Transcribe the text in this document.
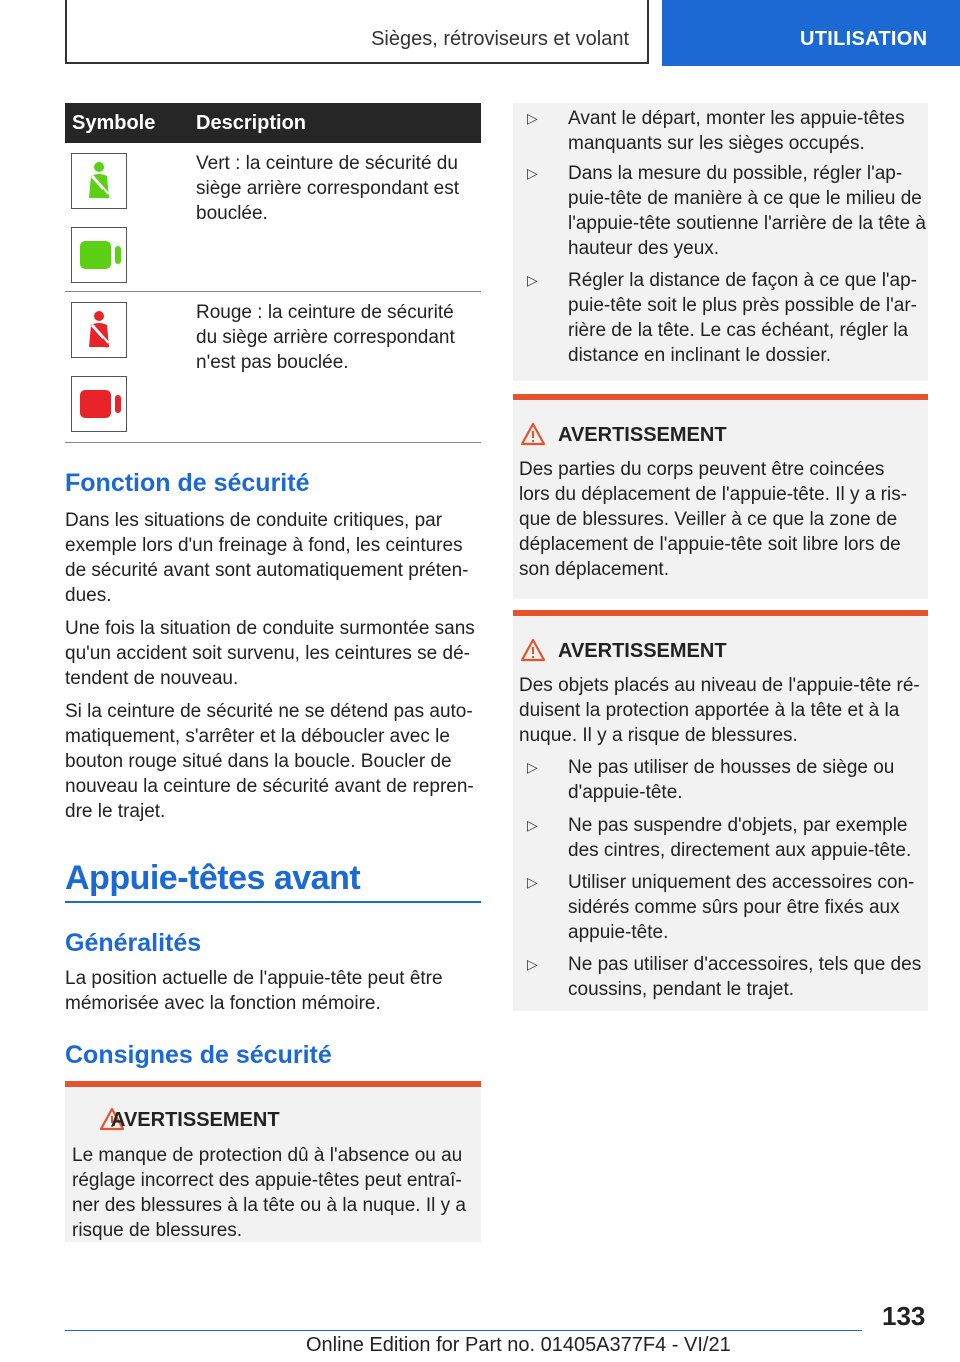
Sièges, rétroviseurs et volant	UTILISATION
Symbole Description
Vert : la ceinture de sécurité du
siège arrière correspondant est
bouclée.
Rouge : la ceinture de sécurité
du siège arrière correspondant
n'est pas bouclée.
Fonction de sécurité

Dans les situations de conduite critiques, par
exemple lors d'un freinage à fond, les ceintures
de sécurité avant sont automatiquement préten-
dues.

Une fois la situation de conduite surmontée sans
qu'un accident soit survenu, les ceintures se dé-
tendent de nouveau.

Si la ceinture de sécurité ne se détend pas auto-
matiquement, s'arrêter et la déboucler avec le
bouton rouge situé dans la boucle. Boucler de
nouveau la ceinture de sécurité avant de repren-
dre le trajet.

Appuie-têtes avant
Généralités

La position actuelle de l'appuie-tête peut être
mémorisée avec la fonction mémoire.

Consignes de sécurité
AVERTISSEMENT

Le manque de protection dû à l'absence ou au
réglage incorrect des appuie-têtes peut entraî-
ner des blessures à la tête ou à la nuque. Il y a
risque de blessures.

▷ Avant le départ, monter les appuie-têtes
manquants sur les sièges occupés.
▷ Dans la mesure du possible, régler l'ap-
puie-tête de manière à ce que le milieu de
l'appuie-tête soutienne l'arrière de la tête à
hauteur des yeux.
▷ Régler la distance de façon à ce que l'ap-
puie-tête soit le plus près possible de l'ar-
rière de la tête. Le cas échéant, régler la
distance en inclinant le dossier.
AVERTISSEMENT

Des parties du corps peuvent être coincées
lors du déplacement de l'appuie-tête. Il y a ris-
que de blessures. Veiller à ce que la zone de
déplacement de l'appuie-tête soit libre lors de
son déplacement.

AVERTISSEMENT

Des objets placés au niveau de l'appuie-tête ré-
duisent la protection apportée à la tête et à la
nuque. Il y a risque de blessures.

▷ Ne pas utiliser de housses de siège ou
d'appuie-tête.
▷ Ne pas suspendre d'objets, par exemple
des cintres, directement aux appuie-tête.
▷ Utiliser uniquement des accessoires con-
sidérés comme sûrs pour être fixés aux
appuie-tête.
▷ Ne pas utiliser d'accessoires, tels que des
coussins, pendant le trajet.
133
Online Edition for Part no. 01405A377F4 - VI/21
